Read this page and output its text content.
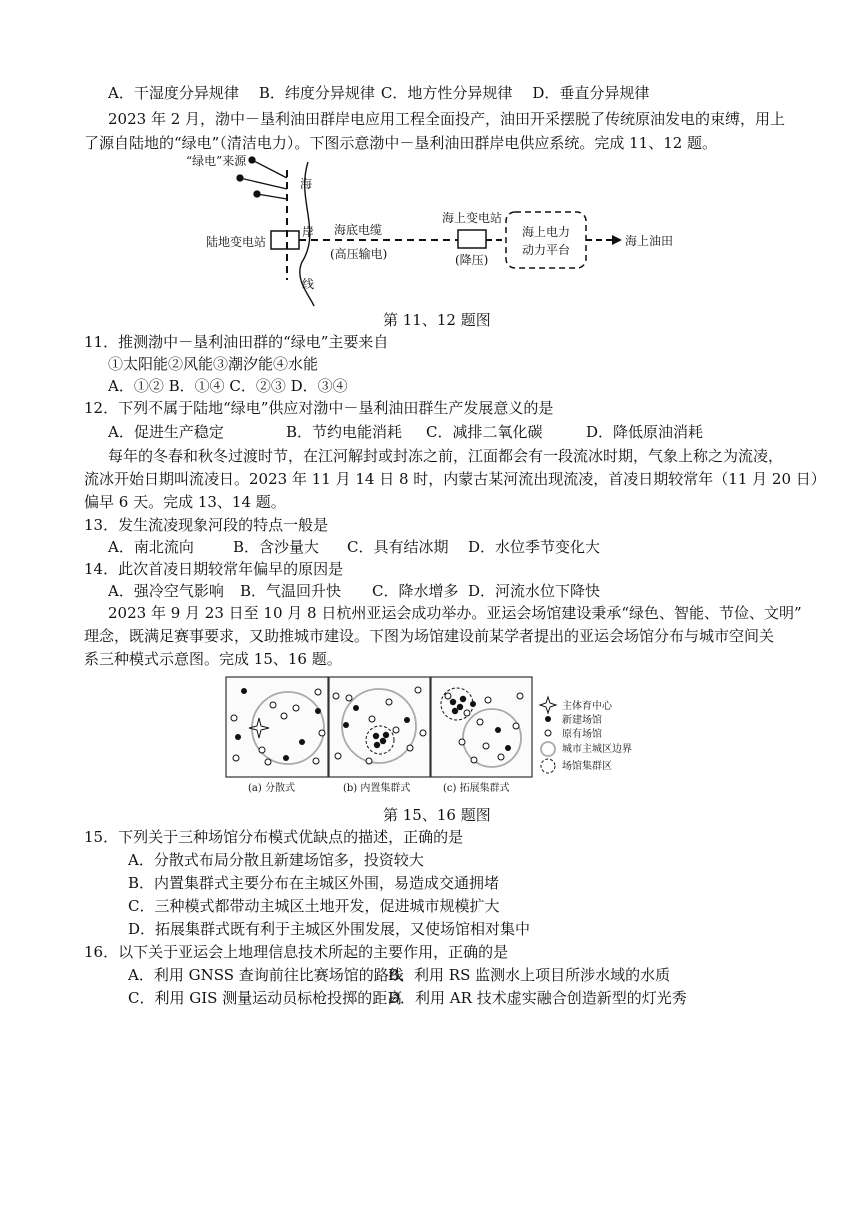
A．干湿度分异规律 B．纬度分异规律 C．地方性分异规律 D．垂直分异规律
2023 年 2 月，渤中－垦利油田群岸电应用工程全面投产，油田开采摆脱了传统原油发电的束缚，用上
了源自陆地的“绿电”（清洁电力）。下图示意渤中－垦利油田群岸电供应系统。完成 11、12 题。
“绿电”来源
海
岸
线
陆地变电站
海底电缆
(高压输电)
海上变电站
(降压)
海上电力
动力平台
海上油田
第 11、12 题图
11．推测渤中－垦利油田群的“绿电”主要来自
①太阳能②风能③潮汐能④水能
A．①② B．①④ C．②③ D．③④
12．下列不属于陆地“绿电”供应对渤中－垦利油田群生产发展意义的是
A．促进生产稳定	B．节约电能消耗 C．减排二氧化碳	D．降低原油消耗
每年的冬春和秋冬过渡时节，在江河解封或封冻之前，江面都会有一段流冰时期，气象上称之为流凌，
流冰开始日期叫流凌日。2023 年 11 月 14 日 8 时，内蒙古某河流出现流凌，首凌日期较常年（11 月 20 日）
偏早 6 天。完成 13、14 题。
13．发生流凌现象河段的特点一般是
A．南北流向	B．含沙量大 C．具有结冰期 D．水位季节变化大
14．此次首凌日期较常年偏早的原因是
A．强冷空气影响 B．气温回升快 C．降水增多 D．河流水位下降快
2023 年 9 月 23 日至 10 月 8 日杭州亚运会成功举办。亚运会场馆建设秉承“绿色、智能、节俭、文明”
理念，既满足赛事要求，又助推城市建设。下图为场馆建设前某学者提出的亚运会场馆分布与城市空间关
系三种模式示意图。完成 15、16 题。
(a) 分散式	(b) 内置集群式	(c) 拓展集群式
主体育中心
新建场馆
原有场馆
城市主城区边界
场馆集群区
第 15、16 题图
15．下列关于三种场馆分布模式优缺点的描述，正确的是
A．分散式布局分散且新建场馆多，投资较大
B．内置集群式主要分布在主城区外围，易造成交通拥堵
C．三种模式都带动主城区土地开发，促进城市规模扩大
D．拓展集群式既有利于主城区外围发展，又使场馆相对集中
16．以下关于亚运会上地理信息技术所起的主要作用，正确的是
A．利用 GNSS 查询前往比赛场馆的路线B．利用 RS 监测水上项目所涉水域的水质
C．利用 GIS 测量运动员标枪投掷的距离D．利用 AR 技术虚实融合创造新型的灯光秀
